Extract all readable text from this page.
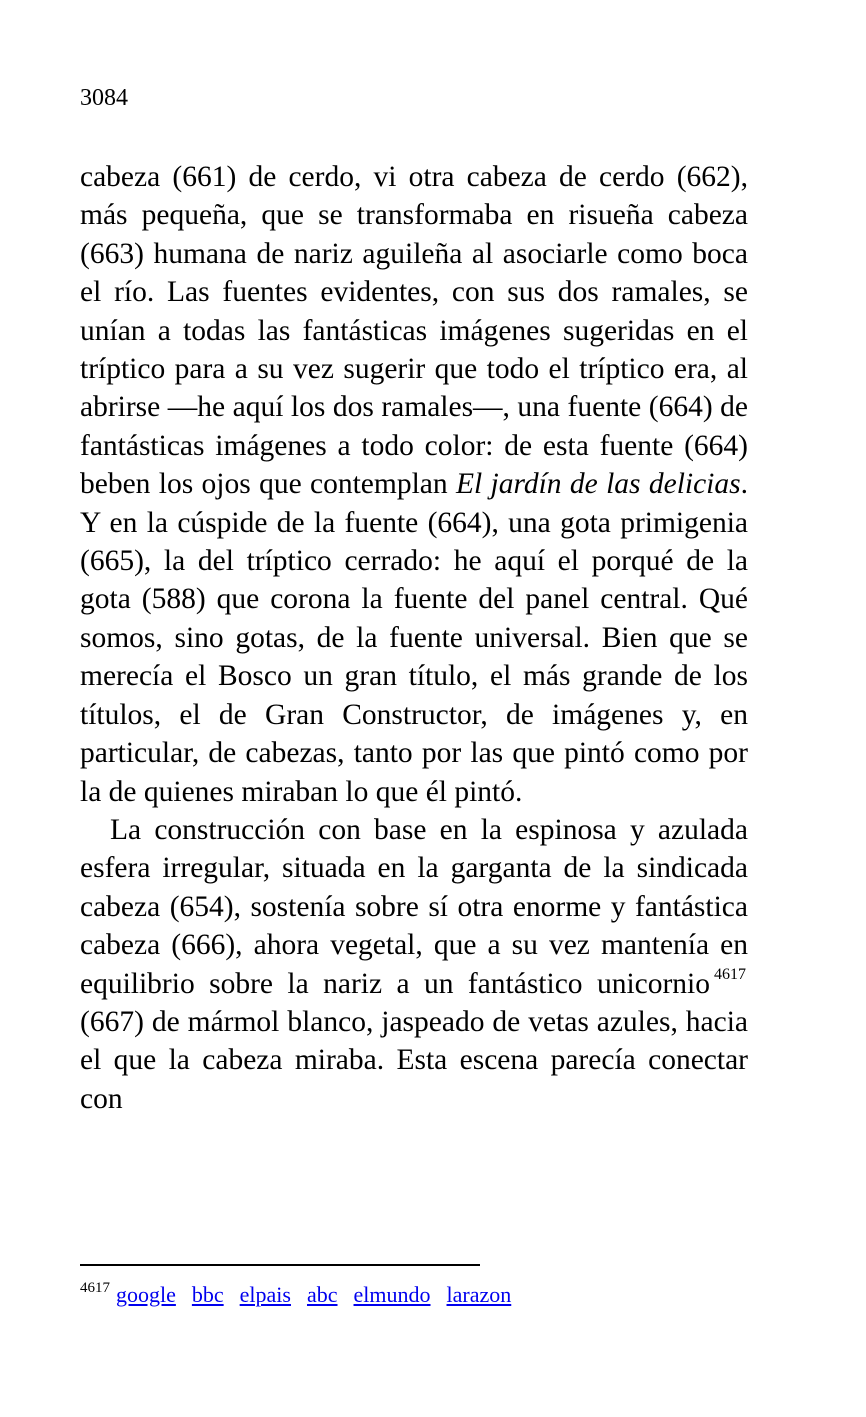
3084

cabeza (661) de cerdo, vi otra cabeza de cerdo (662), más pequeña, que se transformaba en risueña cabeza (663) humana de nariz aguileña al asociarle como boca el río. Las fuentes evidentes, con sus dos ramales, se unían a todas las fantásticas imágenes sugeridas en el tríptico para a su vez sugerir que todo el tríptico era, al abrirse —he aquí los dos ramales—, una fuente (664) de fantásticas imágenes a todo color: de esta fuente (664) beben los ojos que contemplan El jardín de las delicias. Y en la cúspide de la fuente (664), una gota primigenia (665), la del tríptico cerrado: he aquí el porqué de la gota (588) que corona la fuente del panel central. Qué somos, sino gotas, de la fuente universal. Bien que se merecía el Bosco un gran título, el más grande de los títulos, el de Gran Constructor, de imágenes y, en particular, de cabezas, tanto por las que pintó como por la de quienes miraban lo que él pintó.

La construcción con base en la espinosa y azulada esfera irregular, situada en la garganta de la sindicada cabeza (654), sostenía sobre sí otra enorme y fantástica cabeza (666), ahora vegetal, que a su vez mantenía en equilibrio sobre la nariz a un fantástico unicornio $^{4617}$ (667) de mármol blanco, jaspeado de vetas azules, hacia el que la cabeza miraba. Esta escena parecía conectar con

$^{4617}$ google bbc elpais abc elmundo larazon
